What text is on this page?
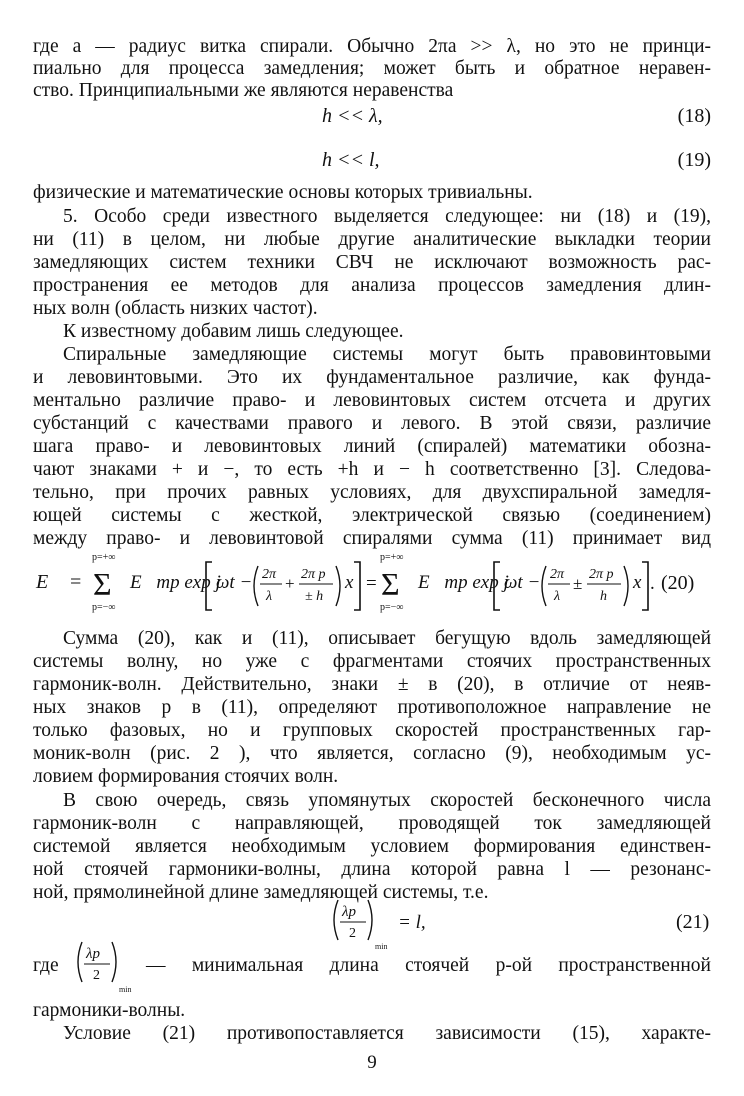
где a — радиус витка спирали. Обычно 2πa >> λ, но это не принци-
пиально для процесса замедления; может быть и обратное неравен-
ство. Принципиальными же являются неравенства
h << λ,	(18)
h << l,	(19)
физические и математические основы которых тривиальны.
5. Особо среди известного выделяется следующее: ни (18) и (19),
ни (11) в целом, ни любые другие аналитические выкладки теории
замедляющих систем техники СВЧ не исключают возможность рас-
пространения ее методов для анализа процессов замедления длин-
ных волн (область низких частот).
К известному добавим лишь следующее.
Спиральные замедляющие системы могут быть правовинтовыми
и левовинтовыми. Это их фундаментальное различие, как фунда-
ментально различие право- и левовинтовых систем отсчета и других
субстанций с качествами правого и левого. В этой связи, различие
шага право- и левовинтовых линий (спиралей) математики обозна-
чают знаками + и −, то есть +h и − h соответственно [3]. Следова-
тельно, при прочих равных условиях, для двухспиральной замедля-
ющей системы с жесткой, электрической связью (соединением)
между право- и левовинтовой спиралями сумма (11) принимает вид
E⃗ =
p=+∞
Σ
p=−∞
E⃗mp exp j
ωt − 2π
λ
+ 2π p
± h
x =
p=+∞
Σ
p=−∞
E⃗mp exp j
ωt − 2π
λ
± 2π p
h
x . (20)
Сумма (20), как и (11), описывает бегущую вдоль замедляющей
системы волну, но уже с фрагментами стоячих пространственных
гармоник-волн. Действительно, знаки ± в (20), в отличие от неяв-
ных знаков p в (11), определяют противоположное направление не
только фазовых, но и групповых скоростей пространственных гар-
моник-волн (рис. 2 ), что является, согласно (9), необходимым ус-
ловием формирования стоячих волн.
В свою очередь, связь упомянутых скоростей бесконечного числа
гармоник-волн с направляющей, проводящей ток замедляющей
системой является необходимым условием формирования единствен-
ной стоячей гармоники-волны, длина которой равна l — резонанс-
ной, прямолинейной длине замедляющей системы, т.е.
λp
2
min
= l,	(21)
где
λp
2
min
— минимальная длина стоячей p-ой пространственной
гармоники-волны.
Условие (21) противопоставляется зависимости (15), характе-
9
